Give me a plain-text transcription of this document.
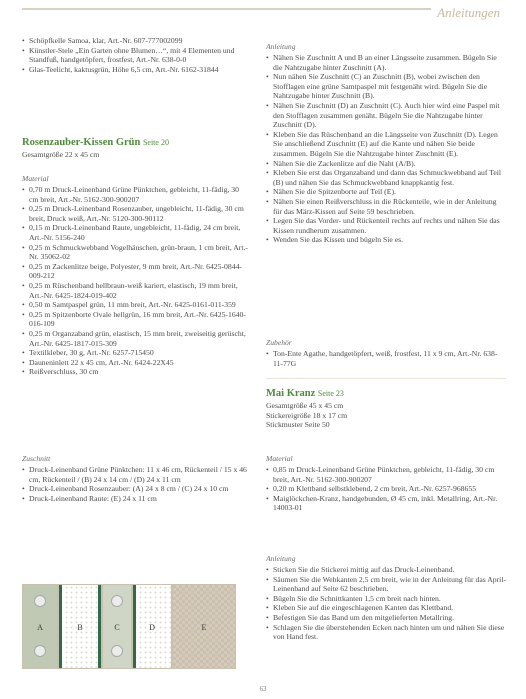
Anleitungen
• Schöpfkelle Samoa, klar, Art.-Nr. 607-777002099
• Künstler-Stele „Ein Garten ohne Blumen…“, mit 4 Elementen und Standfuß, handgetöpfert, frostfest, Art.-Nr. 638-0-0
• Glas-Teelicht, kaktusgrün, Höhe 6,5 cm, Art.-Nr. 6162-31844
Rosenzauber-Kissen Grün Seite 20
Gesamtgröße 22 x 45 cm
Material
• 0,70 m Druck-Leinenband Grüne Pünktchen, gebleicht, 11-fädig, 30 cm breit, Art.-Nr. 5162-300-900207
• 0,25 m Druck-Leinenband Rosenzauber, ungebleicht, 11-fädig, 30 cm breit, Druck weiß, Art.-Nr. 5120-300-90112
• 0,15 m Druck-Leinenband Raute, ungebleicht, 11-fädig, 24 cm breit, Art.-Nr. 5156-240
• 0,25 m Schmuckwebband Vogelhäuschen, grün-braun, 1 cm breit, Art.-Nr. 35062-02
• 0,25 m Zackenlitze beige, Polyester, 9 mm breit, Art.-Nr. 6425-0844-009-212
• 0,25 m Rüschenband hellbraun-weiß kariert, elastisch, 19 mm breit, Art.-Nr. 6425-1824-019-402
• 0,50 m Samtpaspel grün, 11 mm breit, Art.-Nr. 6425-0161-011-359
• 0,25 m Spitzenborte Ovale hellgrün, 16 mm breit, Art.-Nr. 6425-1640-016-109
• 0,25 m Organzaband grün, elastisch, 15 mm breit, zweiseitig gerüscht, Art.-Nr. 6425-1817-015-309
• Textilkleber, 30 g, Art.-Nr. 6257-715450
• Dauneninlett 22 x 45 cm, Art.-Nr. 6424-22X45
• Reißverschluss, 30 cm
Zuschnitt
• Druck-Leinenband Grüne Pünktchen: 11 x 46 cm, Rückenteil / 15 x 46 cm, Rückenteil / (B) 24 x 14 cm / (D) 24 x 11 cm
• Druck-Leinenband Rosenzauber: (A) 24 x 8 cm / (C) 24 x 10 cm
• Druck-Leinenband Raute: (E) 24 x 11 cm
A	B	C	D	E
Anleitung
• Nähen Sie Zuschnitt A und B an einer Längsseite zusammen. Bügeln Sie die Nahtzugabe hinter Zuschnitt (A).
• Nun nähen Sie Zuschnitt (C) an Zuschnitt (B), wobei zwischen den Stofflagen eine grüne Samtpaspel mit festgenäht wird. Bügeln Sie die Nahtzugabe hinter Zuschnitt (B).
• Nähen Sie Zuschnitt (D) an Zuschnitt (C). Auch hier wird eine Paspel mit den Stofflagen zusammen genäht. Bügeln Sie die Nahtzugabe hinter Zuschnitt (D).
• Kleben Sie das Rüschenband an die Längsseite von Zuschnitt (D). Legen Sie anschließend Zuschnitt (E) auf die Kante und nähen Sie beide zusammen. Bügeln Sie die Nahtzugabe hinter Zuschnitt (E).
• Nähen Sie die Zackenlitze auf die Naht (A/B).
• Kleben Sie erst das Organzaband und dann das Schmuckwebband auf Teil (B) und nähen Sie das Schmuckwebband knappkantig fest.
• Nähen Sie die Spitzenborte auf Teil (E).
• Nähen Sie einen Reißverschluss in die Rückenteile, wie in der Anleitung für das März-Kissen auf Seite 59 beschrieben.
• Legen Sie das Vorder- und Rückenteil rechts auf rechts und nähen Sie das Kissen rundherum zusammen.
• Wenden Sie das Kissen und bügeln Sie es.
Zubehör
• Ton-Ente Agathe, handgetöpfert, weiß, frostfest, 11 x 9 cm, Art.-Nr. 638-11-77G
Mai Kranz Seite 23
Gesamtgröße 45 x 45 cm
Stickereigröße 18 x 17 cm
Stickmuster Seite 50
Material
• 0,85 m Druck-Leinenband Grüne Pünktchen, gebleicht, 11-fädig, 30 cm breit, Art.-Nr. 5162-300-900207
• 0,20 m Klettband selbstklebend, 2 cm breit, Art.-Nr. 6257-968655
• Maiglöckchen-Kranz, handgebunden, Ø 45 cm, inkl. Metallring, Art.-Nr. 14003-01
Anleitung
• Sticken Sie die Stickerei mittig auf das Druck-Leinenband.
• Säumen Sie die Webkanten 2,5 cm breit, wie in der Anleitung für das April-Leinenband auf Seite 62 beschrieben.
• Bügeln Sie die Schnittkanten 1,5 cm breit nach hinten.
• Kleben Sie auf die eingeschlagenen Kanten das Klettband.
• Befestigen Sie das Band um den mitgelieferten Metallring.
• Schlagen Sie die überstehenden Ecken nach hinten um und nähen Sie diese von Hand fest.
63
